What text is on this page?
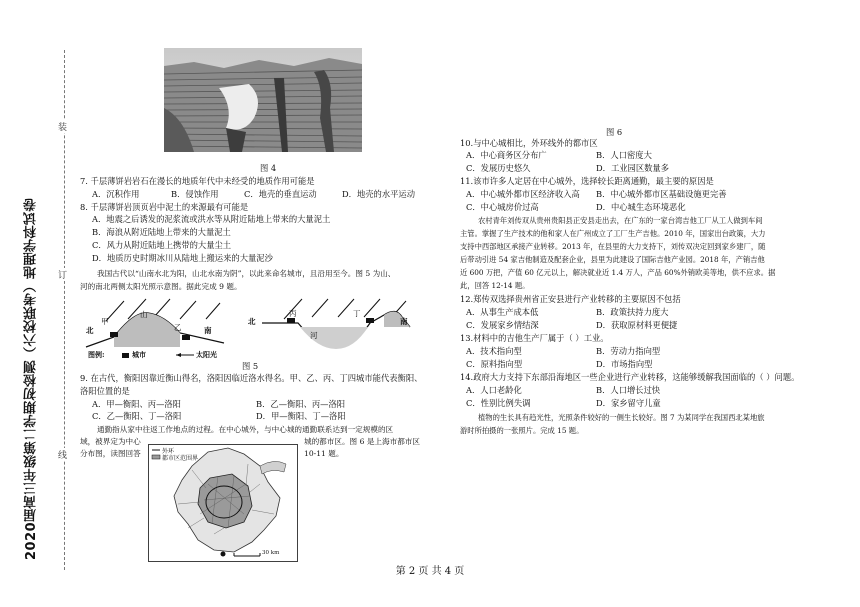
2020届高三年级第二学期初检测（六校联考）地理学科试卷
装
订
线
图 4
7. 千层薄饼岩岩石在漫长的地质年代中未经受的地质作用可能是
A．沉积作用	B．侵蚀作用	C．地壳的垂直运动	D．地壳的水平运动
8. 千层薄饼岩顶页岩中泥土的来源最有可能是
A．地震之后诱发的泥浆流或洪水等从附近陆地上带来的大量泥土
B．海浪从附近陆地上带来的大量泥土
C．风力从附近陆地上携带的大量尘土
D．地质历史时期冰川从陆地上搬运来的大量泥沙
我国古代以“山南水北为阳，山北水南为阴”，以此来命名城市，且沿用至今。图 5 为山、
河的南北两侧太阳光照示意图。据此完成 9 题。
北
甲
山
乙	南
北
丙
河
丁
南
图例:	城市	太阳光
图 5
9. 在古代，衡阳因靠近衡山得名，洛阳因临近洛水得名。甲、乙、丙、丁四城市能代表衡阳、
洛阳位置的是
A．甲—衡阳、丙—洛阳	B．乙—衡阳、丙—洛阳
C．乙—衡阳、丁—洛阳	D．甲—衡阳、丁—洛阳
通勤指从家中往返工作地点的过程。在中心城外，与中心城的通勤联系达到一定规模的区
域，被界定为中心	城的都市区。图 6 是上海市都市区
分布图，读图回答	10-11 题。
外环
都市区范围界
30 km
图 6
10.与中心城相比，外环线外的都市区
A．中心商务区分布广	B．人口密度大
C．发展历史悠久	D．工业园区数量多
11.该市许多人定居在中心城外，选择较长距离通勤，最主要的原因是
A．中心城外都市区经济收入高 B．中心城外都市区基础设施更完善
C．中心城房价过高	D．中心城生态环境恶化
农村青年刘传双从贵州贵阳县正安县走出去，在广东的一家台湾吉他工厂从工人做到车间
主管。掌握了生产技术的他和家人在广州成立了工厂生产吉他。2010 年，国家出台政策，大力
支持中西部地区承接产业转移。2013 年，在县里的大力支持下，刘传双决定回到家乡建厂，随
后带动引进 54 家吉他制造及配套企业，县里为此建设了国际吉他产业园。2018 年，产销吉他
近 600 万把，产值 60 亿元以上，解决就业近 1.4 万人，产品 60%外销欧美等地，供不应求。据
此，回答 12-14 题。
12.郑传双选择贵州省正安县进行产业转移的主要原因不包括
A．从事生产成本低	B．政策扶持力度大
C．发展家乡情结深	D．获取原材料更便捷
13.材料中的吉他生产厂属于（ ）工业。
A．技术指向型	B．劳动力指向型
C．原料指向型	D．市场指向型
14.政府大力支持下东部沿海地区一些企业进行产业转移，这能够缓解我国面临的（ ）问题。
A．人口老龄化	B．人口增长过快
C．性别比例失调	D．家乡留守儿童
植物的生长具有趋光性，光照条件较好的一侧生长较好。图 7 为某同学在我国西北某地旅
游时所拍摄的一张照片。完成 15 题。
第 2 页 共 4 页
